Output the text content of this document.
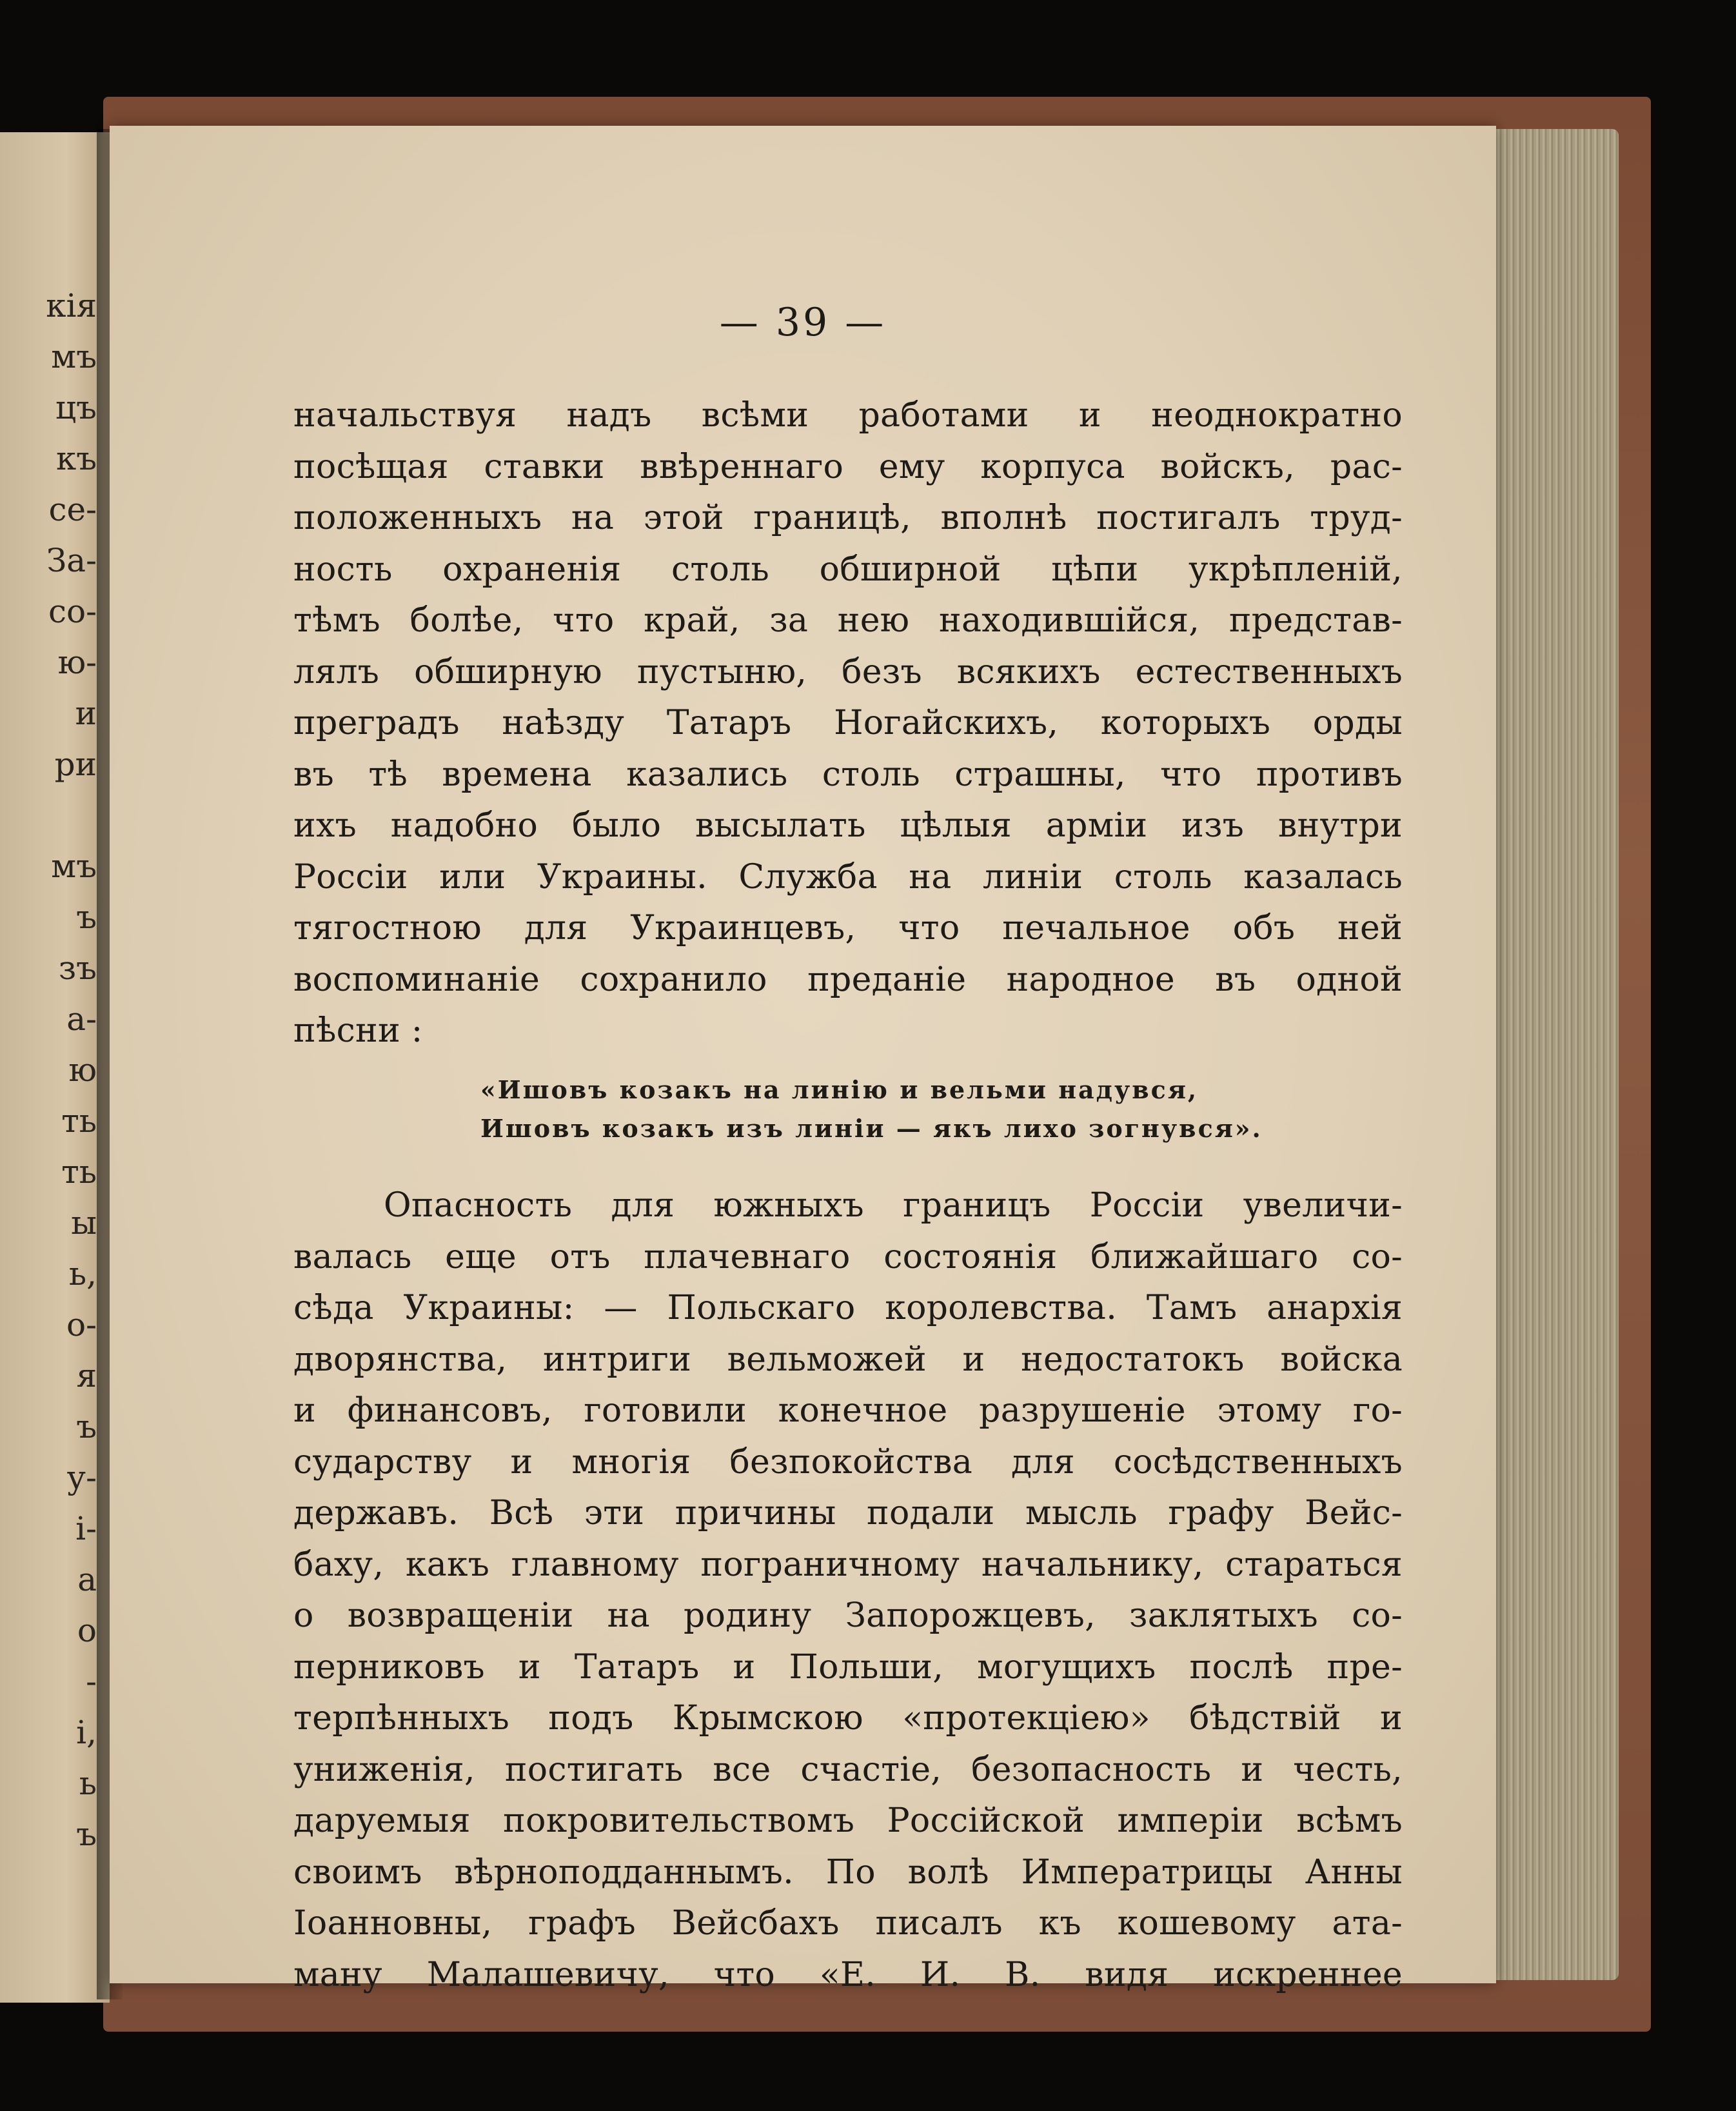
кія
мъ
цъ
къ
се-
За-
со-
ю-
и
ри
мъ
ъ
зъ
а-
ю
ть
ть
ы
ь,
о-
я
ъ
у-
і-
а
о
-
і,
ь
ъ
— 39 —
начальствуя надъ всѣми работами и неоднократно
посѣщая ставки ввѣреннаго ему корпуса войскъ, рас-
положенныхъ на этой границѣ, вполнѣ постигалъ труд-
ность охраненія столь обширной цѣпи укрѣпленій,
тѣмъ болѣе, что край, за нею находившійся, представ-
лялъ обширную пустыню, безъ всякихъ естественныхъ
преградъ наѣзду Татаръ Ногайскихъ, которыхъ орды
въ тѣ времена казались столь страшны, что противъ
ихъ надобно было высылать цѣлыя арміи изъ внутри
Россіи или Украины. Служба на линіи столь казалась
тягостною для Украинцевъ, что печальное объ ней
воспоминаніе сохранило преданіе народное въ одной
пѣсни :
«Ишовъ козакъ на линію и вельми надувся,
Ишовъ козакъ изъ линіи — якъ лихо зогнувся».
Опасность для южныхъ границъ Россіи увеличи-
валась еще отъ плачевнаго состоянія ближайшаго со-
сѣда Украины: — Польскаго королевства. Тамъ анархія
дворянства, интриги вельможей и недостатокъ войска
и финансовъ, готовили конечное разрушеніе этому го-
сударству и многія безпокойства для сосѣдственныхъ
державъ. Всѣ эти причины подали мысль графу Вейс-
баху, какъ главному пограничному начальнику, стараться
о возвращеніи на родину Запорожцевъ, заклятыхъ со-
перниковъ и Татаръ и Польши, могущихъ послѣ пре-
терпѣнныхъ подъ Крымскою «протекціею» бѣдствій и
униженія, постигать все счастіе, безопасность и честь,
даруемыя покровительствомъ Россійской имперіи всѣмъ
своимъ вѣрноподданнымъ. По волѣ Императрицы Анны
Іоанновны, графъ Вейсбахъ писалъ къ кошевому ата-
ману Малашевичу, что «Е. И. В. видя искреннее
